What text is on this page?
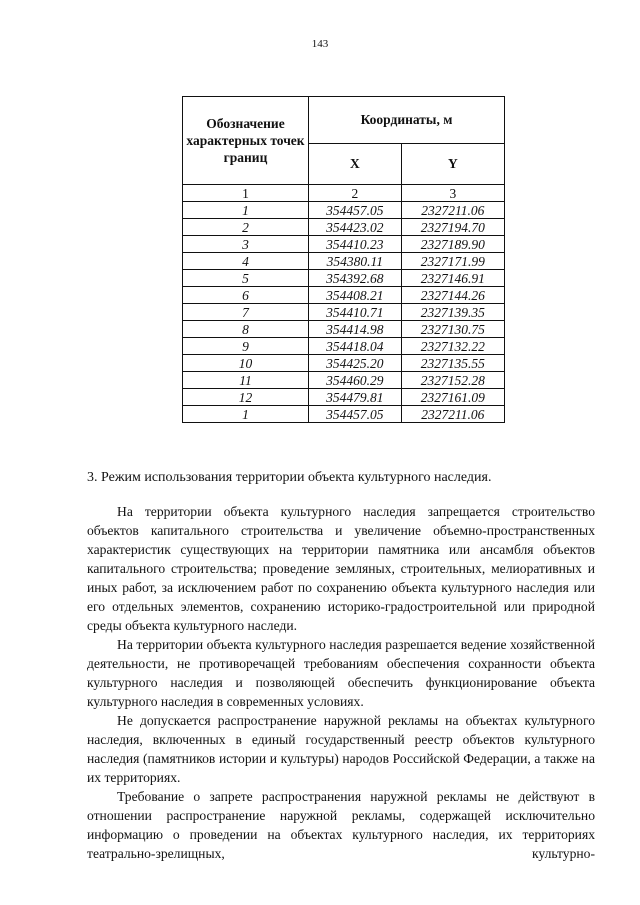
143
Обозначение характерных точек границ	Координаты, м	
	X	Y
1	2	3
1	354457.05	2327211.06
2	354423.02	2327194.70
3	354410.23	2327189.90
4	354380.11	2327171.99
5	354392.68	2327146.91
6	354408.21	2327144.26
7	354410.71	2327139.35
8	354414.98	2327130.75
9	354418.04	2327132.22
10	354425.20	2327135.55
11	354460.29	2327152.28
12	354479.81	2327161.09
1	354457.05	2327211.06
3. Режим использования территории объекта культурного наследия.

На территории объекта культурного наследия запрещается строительство объектов капитального строительства и увеличение объемно-пространственных характеристик существующих на территории памятника или ансамбля объектов капитального строительства; проведение земляных, строительных, мелиоративных и иных работ, за исключением работ по сохранению объекта культурного наследия или его отдельных элементов, сохранению историко-градостроительной или природной среды объекта культурного наследи.

На территории объекта культурного наследия разрешается ведение хозяйственной деятельности, не противоречащей требованиям обеспечения сохранности объекта культурного наследия и позволяющей обеспечить функционирование объекта культурного наследия в современных условиях.

Не допускается распространение наружной рекламы на объектах культурного наследия, включенных в единый государственный реестр объектов культурного наследия (памятников истории и культуры) народов Российской Федерации, а также на их территориях.

Требование о запрете распространения наружной рекламы не действуют в отношении распространение наружной рекламы, содержащей исключительно информацию о проведении на объектах культурного наследия, их территориях театрально-зрелищных, культурно-
